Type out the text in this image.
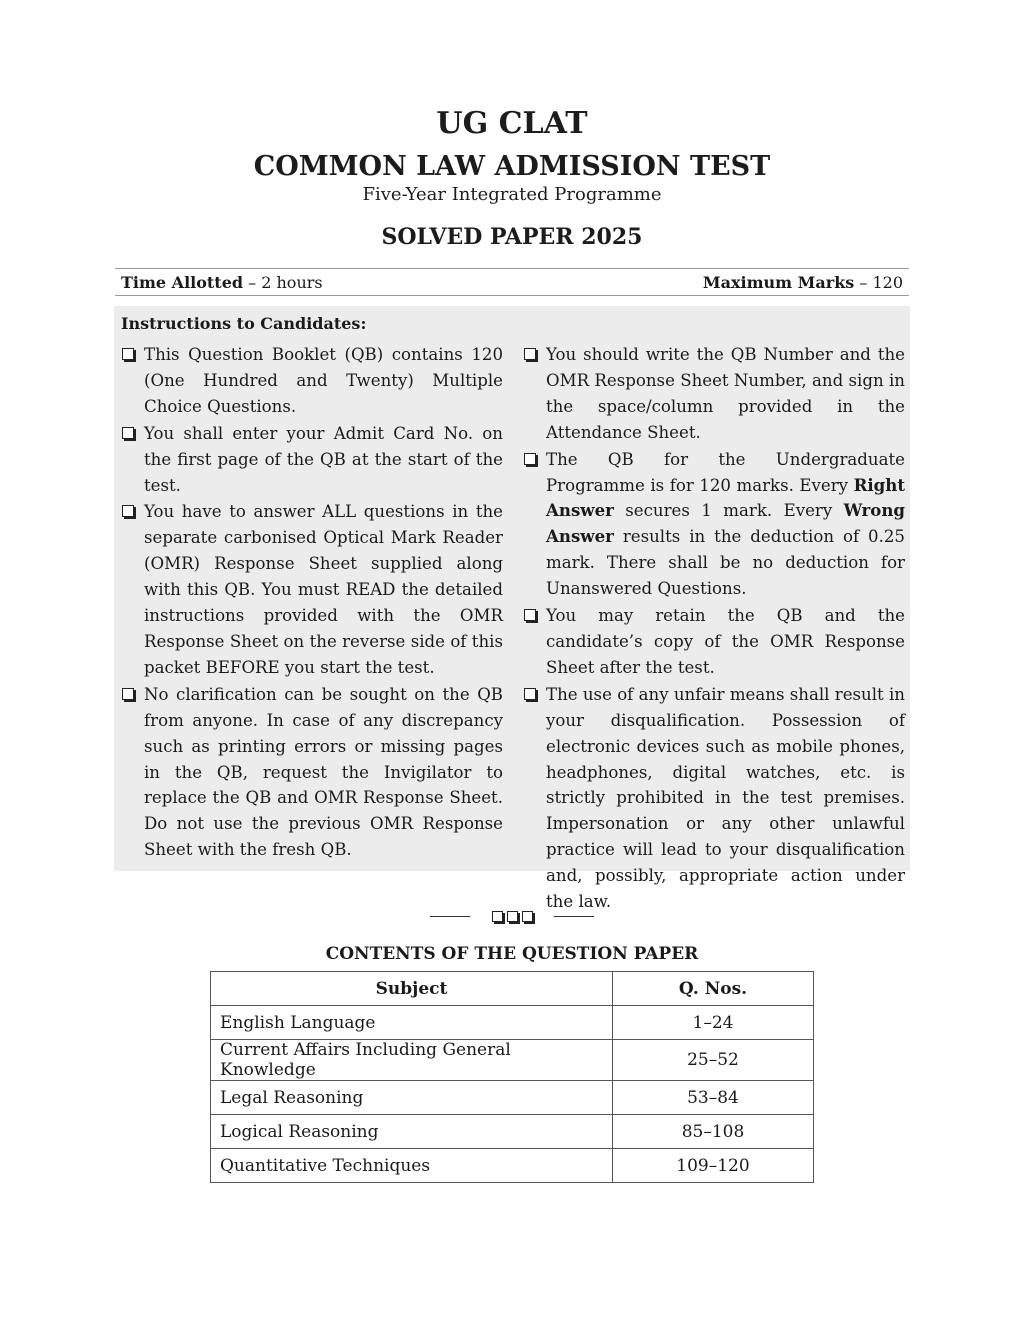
UG CLAT
COMMON LAW ADMISSION TEST
Five-Year Integrated Programme
SOLVED PAPER 2025
Time Allotted – 2 hours	Maximum Marks – 120
Instructions to Candidates:
This Question Booklet (QB) contains 120 (One Hundred and Twenty) Multiple Choice Questions.
You shall enter your Admit Card No. on the first page of the QB at the start of the test.
You have to answer ALL questions in the separate carbonised Optical Mark Reader (OMR) Response Sheet supplied along with this QB. You must READ the detailed instructions provided with the OMR Response Sheet on the reverse side of this packet BEFORE you start the test.
No clarification can be sought on the QB from anyone. In case of any discrepancy such as printing errors or missing pages in the QB, request the Invigilator to replace the QB and OMR Response Sheet. Do not use the previous OMR Response Sheet with the fresh QB.
You should write the QB Number and the OMR Response Sheet Number, and sign in the space/column provided in the Attendance Sheet.
The QB for the Undergraduate Programme is for 120 marks. Every Right Answer secures 1 mark. Every Wrong Answer results in the deduction of 0.25 mark. There shall be no deduction for Unanswered Questions.
You may retain the QB and the candidate’s copy of the OMR Response Sheet after the test.
The use of any unfair means shall result in your disqualification. Possession of electronic devices such as mobile phones, headphones, digital watches, etc. is strictly prohibited in the test premises. Impersonation or any other unlawful practice will lead to your disqualification and, possibly, appropriate action under the law.

CONTENTS OF THE QUESTION PAPER
Subject	Q. Nos.
English Language	1–24
Current Affairs Including General Knowledge	25–52
Legal Reasoning	53–84
Logical Reasoning	85–108
Quantitative Techniques	109–120
